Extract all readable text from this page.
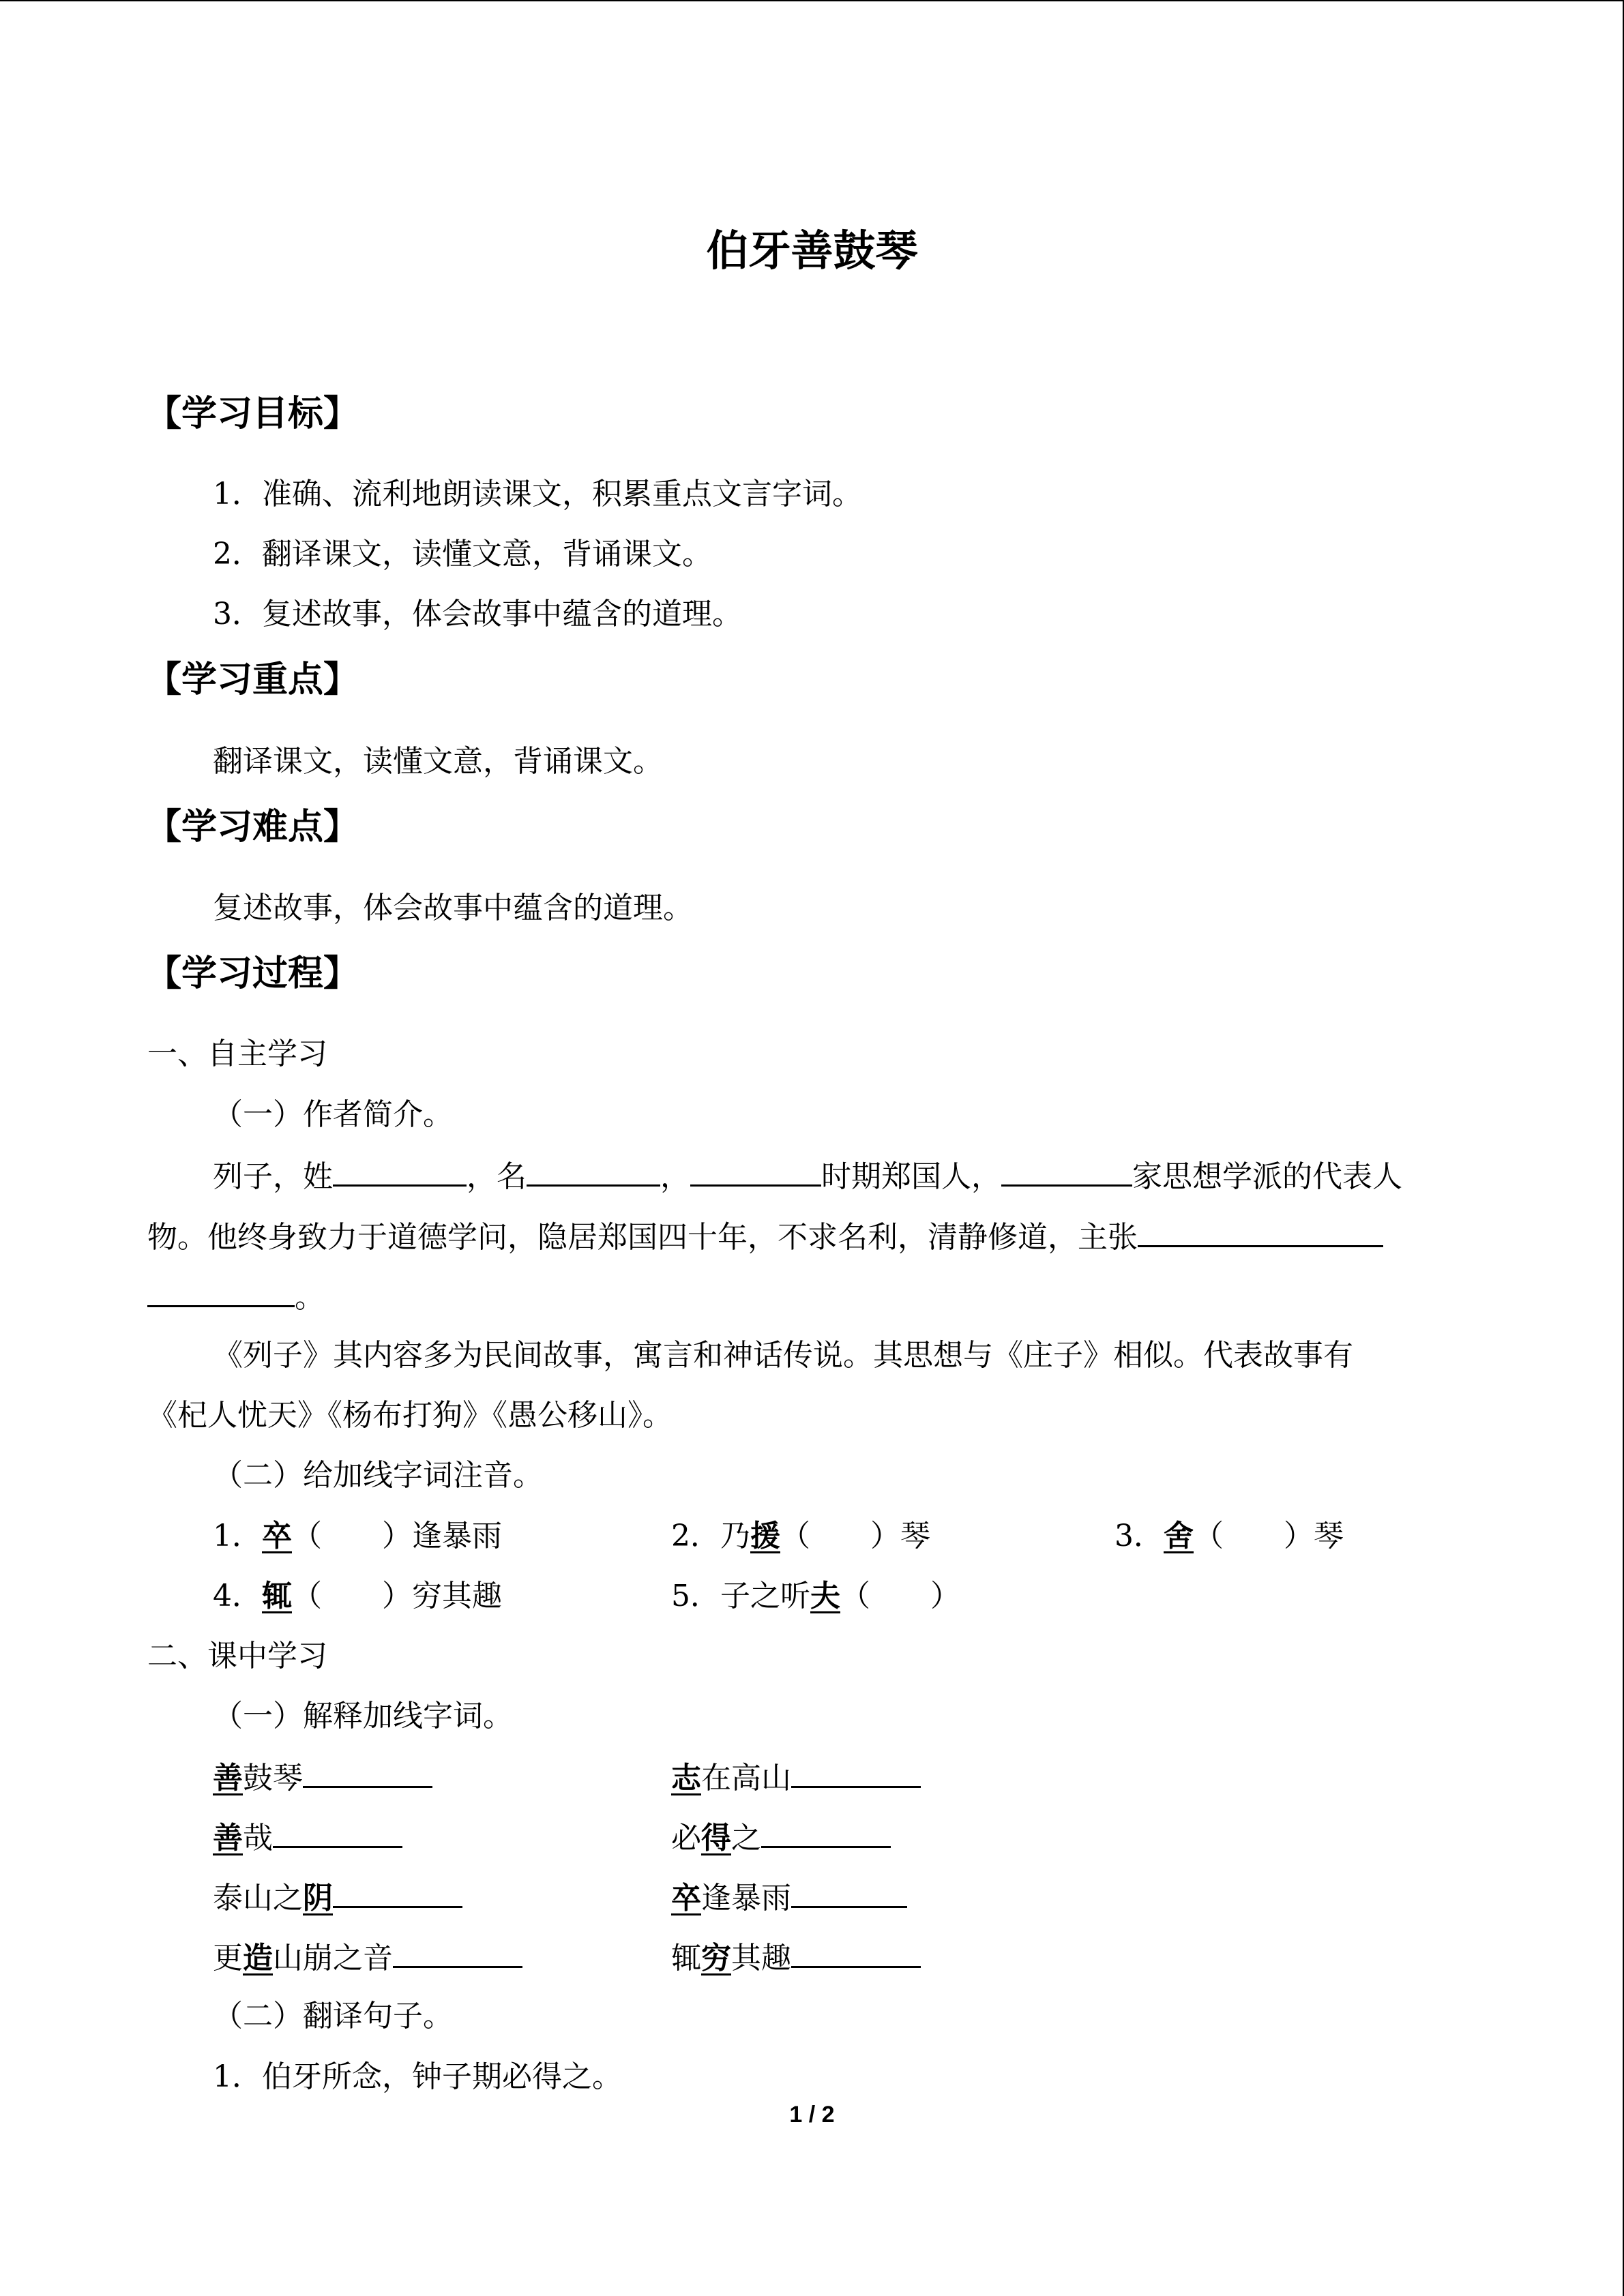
伯牙善鼓琴
【学习目标】
1．准确、流利地朗读课文，积累重点文言字词。
2．翻译课文，读懂文意，背诵课文。
3．复述故事，体会故事中蕴含的道理。
【学习重点】
翻译课文，读懂文意，背诵课文。
【学习难点】
复述故事，体会故事中蕴含的道理。
【学习过程】
一、自主学习
（一）作者简介。
列子，姓	，名	，	时期郑国人，	家思想学派的代表人
物。他终身致力于道德学问，隐居郑国四十年，不求名利，清静修道，主张
。
《列子》其内容多为民间故事，寓言和神话传说。其思想与《庄子》相似。代表故事有
《杞人忧天》《杨布打狗》《愚公移山》。
（二）给加线字词注音。
1．卒（　　）逢暴雨	2．乃援（　　）琴	3．舍（　　）琴
4．辄（　　）穷其趣	5．子之听夫（　　）
二、课中学习
（一）解释加线字词。
善鼓琴	志在高山
善哉	必得之
泰山之阴	卒逢暴雨
更造山崩之音	辄穷其趣
（二）翻译句子。
1．伯牙所念，钟子期必得之。
1 / 2
